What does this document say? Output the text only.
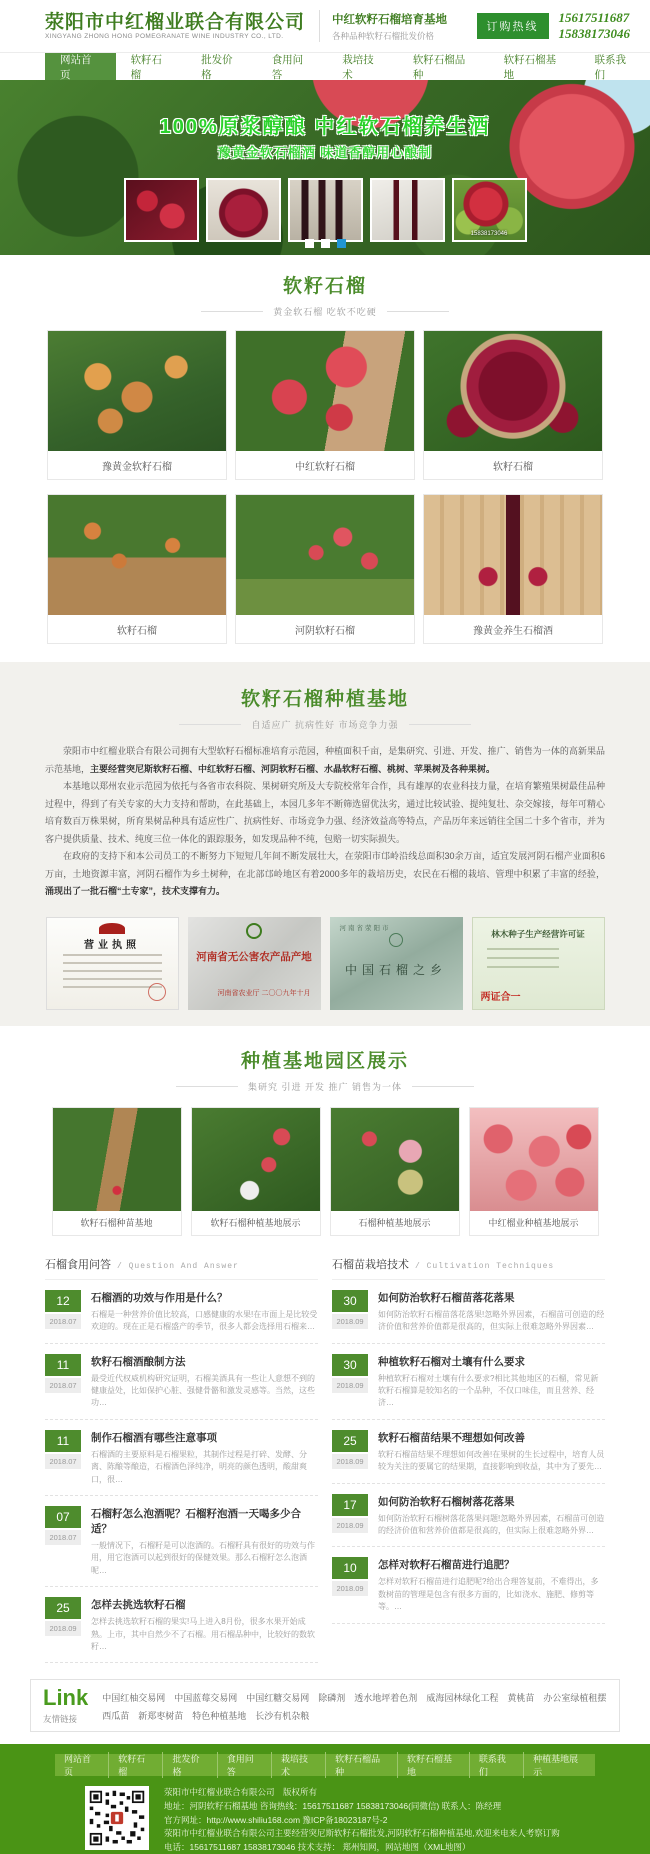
荥阳市中红榴业联合有限公司
XINGYANG ZHONG HONG POMEGRANATE WINE INDUSTRY CO., LTD.
中红软籽石榴培育基地
各种品种软籽石榴批发价格
订购热线
15617511687
15838173046
网站首页
软籽石榴
批发价格
食用问答
栽培技术
软籽石榴品种
软籽石榴基地
联系我们
100%原浆醇酿 中红软石榴养生酒
豫黄金软石榴酒 味道香醇用心酿制
15838173046
软籽石榴
黄金软石榴 吃软不吃硬
豫黄金软籽石榴	中红软籽石榴	软籽石榴
软籽石榴	河阴软籽石榴	豫黄金养生石榴酒
软籽石榴种植基地
自适应广 抗病性好 市场竞争力强

荥阳市中红榴业联合有限公司拥有大型软籽石榴标准培育示范园，种植面积千亩，是集研究、引进、开发、推广、销售为一体的高新果品示范基地，主要经营突尼斯软籽石榴、中红软籽石榴、河阴软籽石榴、水晶软籽石榴、桃树、苹果树及各种果树。

本基地以郑州农业示范园为依托与各省市农科院、果树研究所及大专院校常年合作，具有雄厚的农业科技力量，在培育繁殖果树最佳品种过程中，得到了有关专家的大力支持和帮助，在此基础上，本园几多年不断筛选留优汰劣，通过比较试验、提纯复壮、杂交嫁接，每年可精心培育数百万株果树，所育果树品种具有适应性广、抗病性好、市场竞争力强、经济效益高等特点，产品历年来远销往全国二十多个省市，并为客户提供质量、技术、纯度三位一体化的跟踪服务，如发现品种不纯，包赔一切实际损失。

在政府的支持下和本公司员工的不断努力下短短几年间不断发展壮大，在荥阳市邙岭沿线总面积30余万亩，适宜发展河阴石榴产业面积6万亩，土地资源丰富，河阴石榴作为乡土树种，在北部邙岭地区有着2000多年的栽培历史，农民在石榴的栽培、管理中积累了丰富的经验，涌现出了一批石榴“土专家”，技术支撑有力。

营业执照
河南省无公害农产品产地
河南省农业厅 二〇〇九年十月
河南省荥阳市
中国石榴之乡
林木种子生产经营许可证
两证合一
种植基地园区展示
集研究 引进 开发 推广 销售为一体
软籽石榴种苗基地	软籽石榴种植基地展示	石榴种植基地展示	中红榴业种植基地展示
石榴食用问答 / Question And Answer
12
2018.07
石榴酒的功效与作用是什么？
石榴是一种营养价值比较高，口感健康的水果!在市面上是比较受欢迎的。现在正是石榴盛产的季节，很多人都会选择用石榴来…
11
2018.07
软籽石榴酒酿制方法
最受近代权威机构研究证明，石榴美酒具有一些让人意想不到的健康益处，比如保护心脏、强健骨骼和激发灵感等。当然，这些功…
11
2018.07
制作石榴酒有哪些注意事项
石榴酒的主要原料是石榴果粒，其制作过程是打碎、发酵、分离、陈酿等酿造，石榴酒色泽纯净，明亮的颜色透明，酸甜爽口，很…
07
2018.07
石榴籽怎么泡酒呢？石榴籽泡酒一天喝多少合适？
一般情况下，石榴籽是可以泡酒的。石榴籽具有很好的功效与作用，用它泡酒可以起到很好的保健效果。那么石榴籽怎么泡酒呢…
25
2018.09
怎样去挑选软籽石榴
怎样去挑选软籽石榴的果实!马上进入8月份，很多水果开始成熟。上市，其中自然少不了石榴。用石榴品种中，比较好的数软籽…
石榴苗栽培技术 / Cultivation Techniques
30
2018.09
如何防治软籽石榴苗落花落果
如何防治软籽石榴苗落花落果!忽略外界因素，石榴苗可创造的经济价值和营养价值都是很高的，但实际上很难忽略外界因素…
30
2018.09
种植软籽石榴对土壤有什么要求
种植软籽石榴对土壤有什么要求?相比其他地区的石榴，常见新软籽石榴算是较知名的一个品种，不仅口味佳，而且营养、经济…
25
2018.09
软籽石榴苗结果不理想如何改善
软籽石榴苗结果不理想如何改善!在果树的生长过程中，培育人员较为关注的要属它的结果期，直接影响到收益，其中为了要先…
17
2018.09
如何防治软籽石榴树落花落果
如何防治软籽石榴树落花落果问题!忽略外界因素，石榴苗可创造的经济价值和营养价值都是很高的，但实际上很难忽略外界…
10
2018.09
怎样对软籽石榴苗进行追肥？
怎样对软籽石榴苗进行追肥呢?给出合理答复前，不难得出，多数树苗的管理是包含有很多方面的，比如浇水、施肥、修剪等等。…
Link
友情链接
中国红柚交易网 中国蓝莓交易网 中国红糖交易网 除磷剂 透水地坪着色剂 威海园林绿化工程 黄桃苗 办公室绿植租摆
西瓜苗 新郑枣树苗 特色种植基地 长沙有机杂粮
网站首页
软籽石榴
批发价格
食用问答
栽培技术
软籽石榴品种
软籽石榴基地
联系我们
种植基地展示
荥阳市中红榴业联合有限公司　版权所有
地址：河阴软籽石榴基地 咨询热线：15617511687 15838173046(同微信) 联系人：陈经理
官方网址：http://www.shiliu168.com 豫ICP备18023187号-2
荥阳市中红榴业联合有限公司主要经营突尼斯软籽石榴批发,河阴软籽石榴种植基地,欢迎来电来人考察订购
电话：15617511687 15838173046 技术支持： 郑州知网，网站地图（XML地图）
